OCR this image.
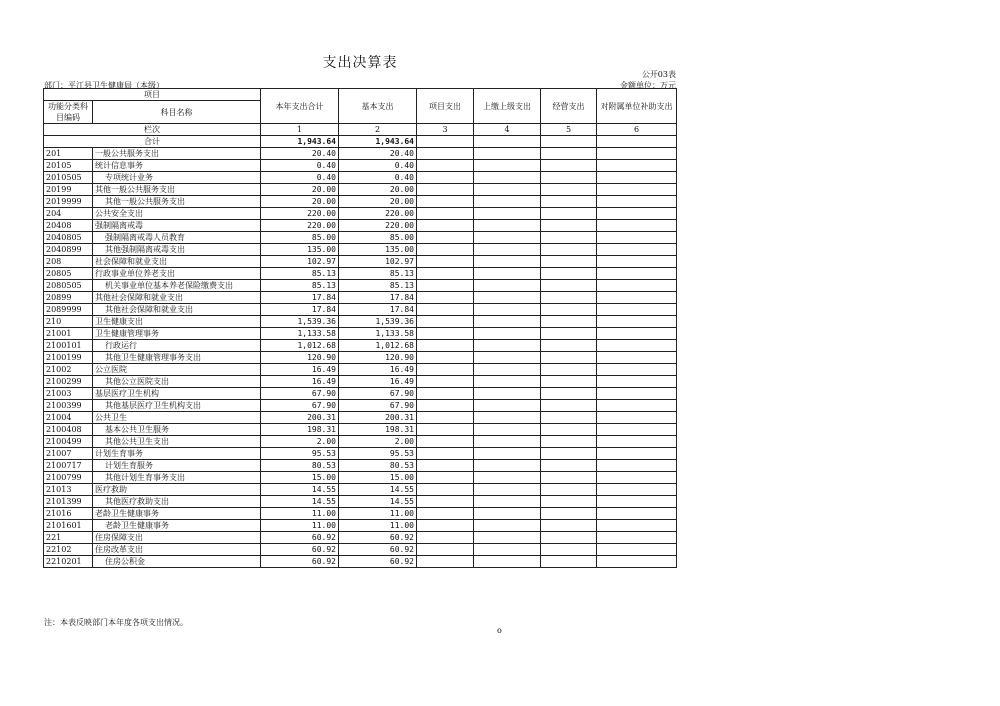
支出决算表
公开03表
部门：平江县卫生健康局（本级）	金额单位：万元
项目		本年支出合计	基本支出	项目支出	上缴上级支出	经营支出	对附属单位补助支出
功能分类科目编码	科目名称						
栏次		1	2	3	4	5	6
合计		1,943.64	1,943.64				
201	一般公共服务支出	20.40	20.40				
20105	统计信息事务	0.40	0.40				
2010505	专项统计业务	0.40	0.40				
20199	其他一般公共服务支出	20.00	20.00				
2019999	其他一般公共服务支出	20.00	20.00				
204	公共安全支出	220.00	220.00				
20408	强制隔离戒毒	220.00	220.00				
2040805	强制隔离戒毒人员教育	85.00	85.00				
2040899	其他强制隔离戒毒支出	135.00	135.00				
208	社会保障和就业支出	102.97	102.97				
20805	行政事业单位养老支出	85.13	85.13				
2080505	机关事业单位基本养老保险缴费支出	85.13	85.13				
20899	其他社会保障和就业支出	17.84	17.84				
2089999	其他社会保障和就业支出	17.84	17.84				
210	卫生健康支出	1,539.36	1,539.36				
21001	卫生健康管理事务	1,133.58	1,133.58				
2100101	行政运行	1,012.68	1,012.68				
2100199	其他卫生健康管理事务支出	120.90	120.90				
21002	公立医院	16.49	16.49				
2100299	其他公立医院支出	16.49	16.49				
21003	基层医疗卫生机构	67.90	67.90				
2100399	其他基层医疗卫生机构支出	67.90	67.90				
21004	公共卫生	200.31	200.31				
2100408	基本公共卫生服务	198.31	198.31				
2100499	其他公共卫生支出	2.00	2.00				
21007	计划生育事务	95.53	95.53				
2100717	计划生育服务	80.53	80.53				
2100799	其他计划生育事务支出	15.00	15.00				
21013	医疗救助	14.55	14.55				
2101399	其他医疗救助支出	14.55	14.55				
21016	老龄卫生健康事务	11.00	11.00				
2101601	老龄卫生健康事务	11.00	11.00				
221	住房保障支出	60.92	60.92				
22102	住房改革支出	60.92	60.92				
2210201	住房公积金	60.92	60.92				
注：本表反映部门本年度各项支出情况。
o
